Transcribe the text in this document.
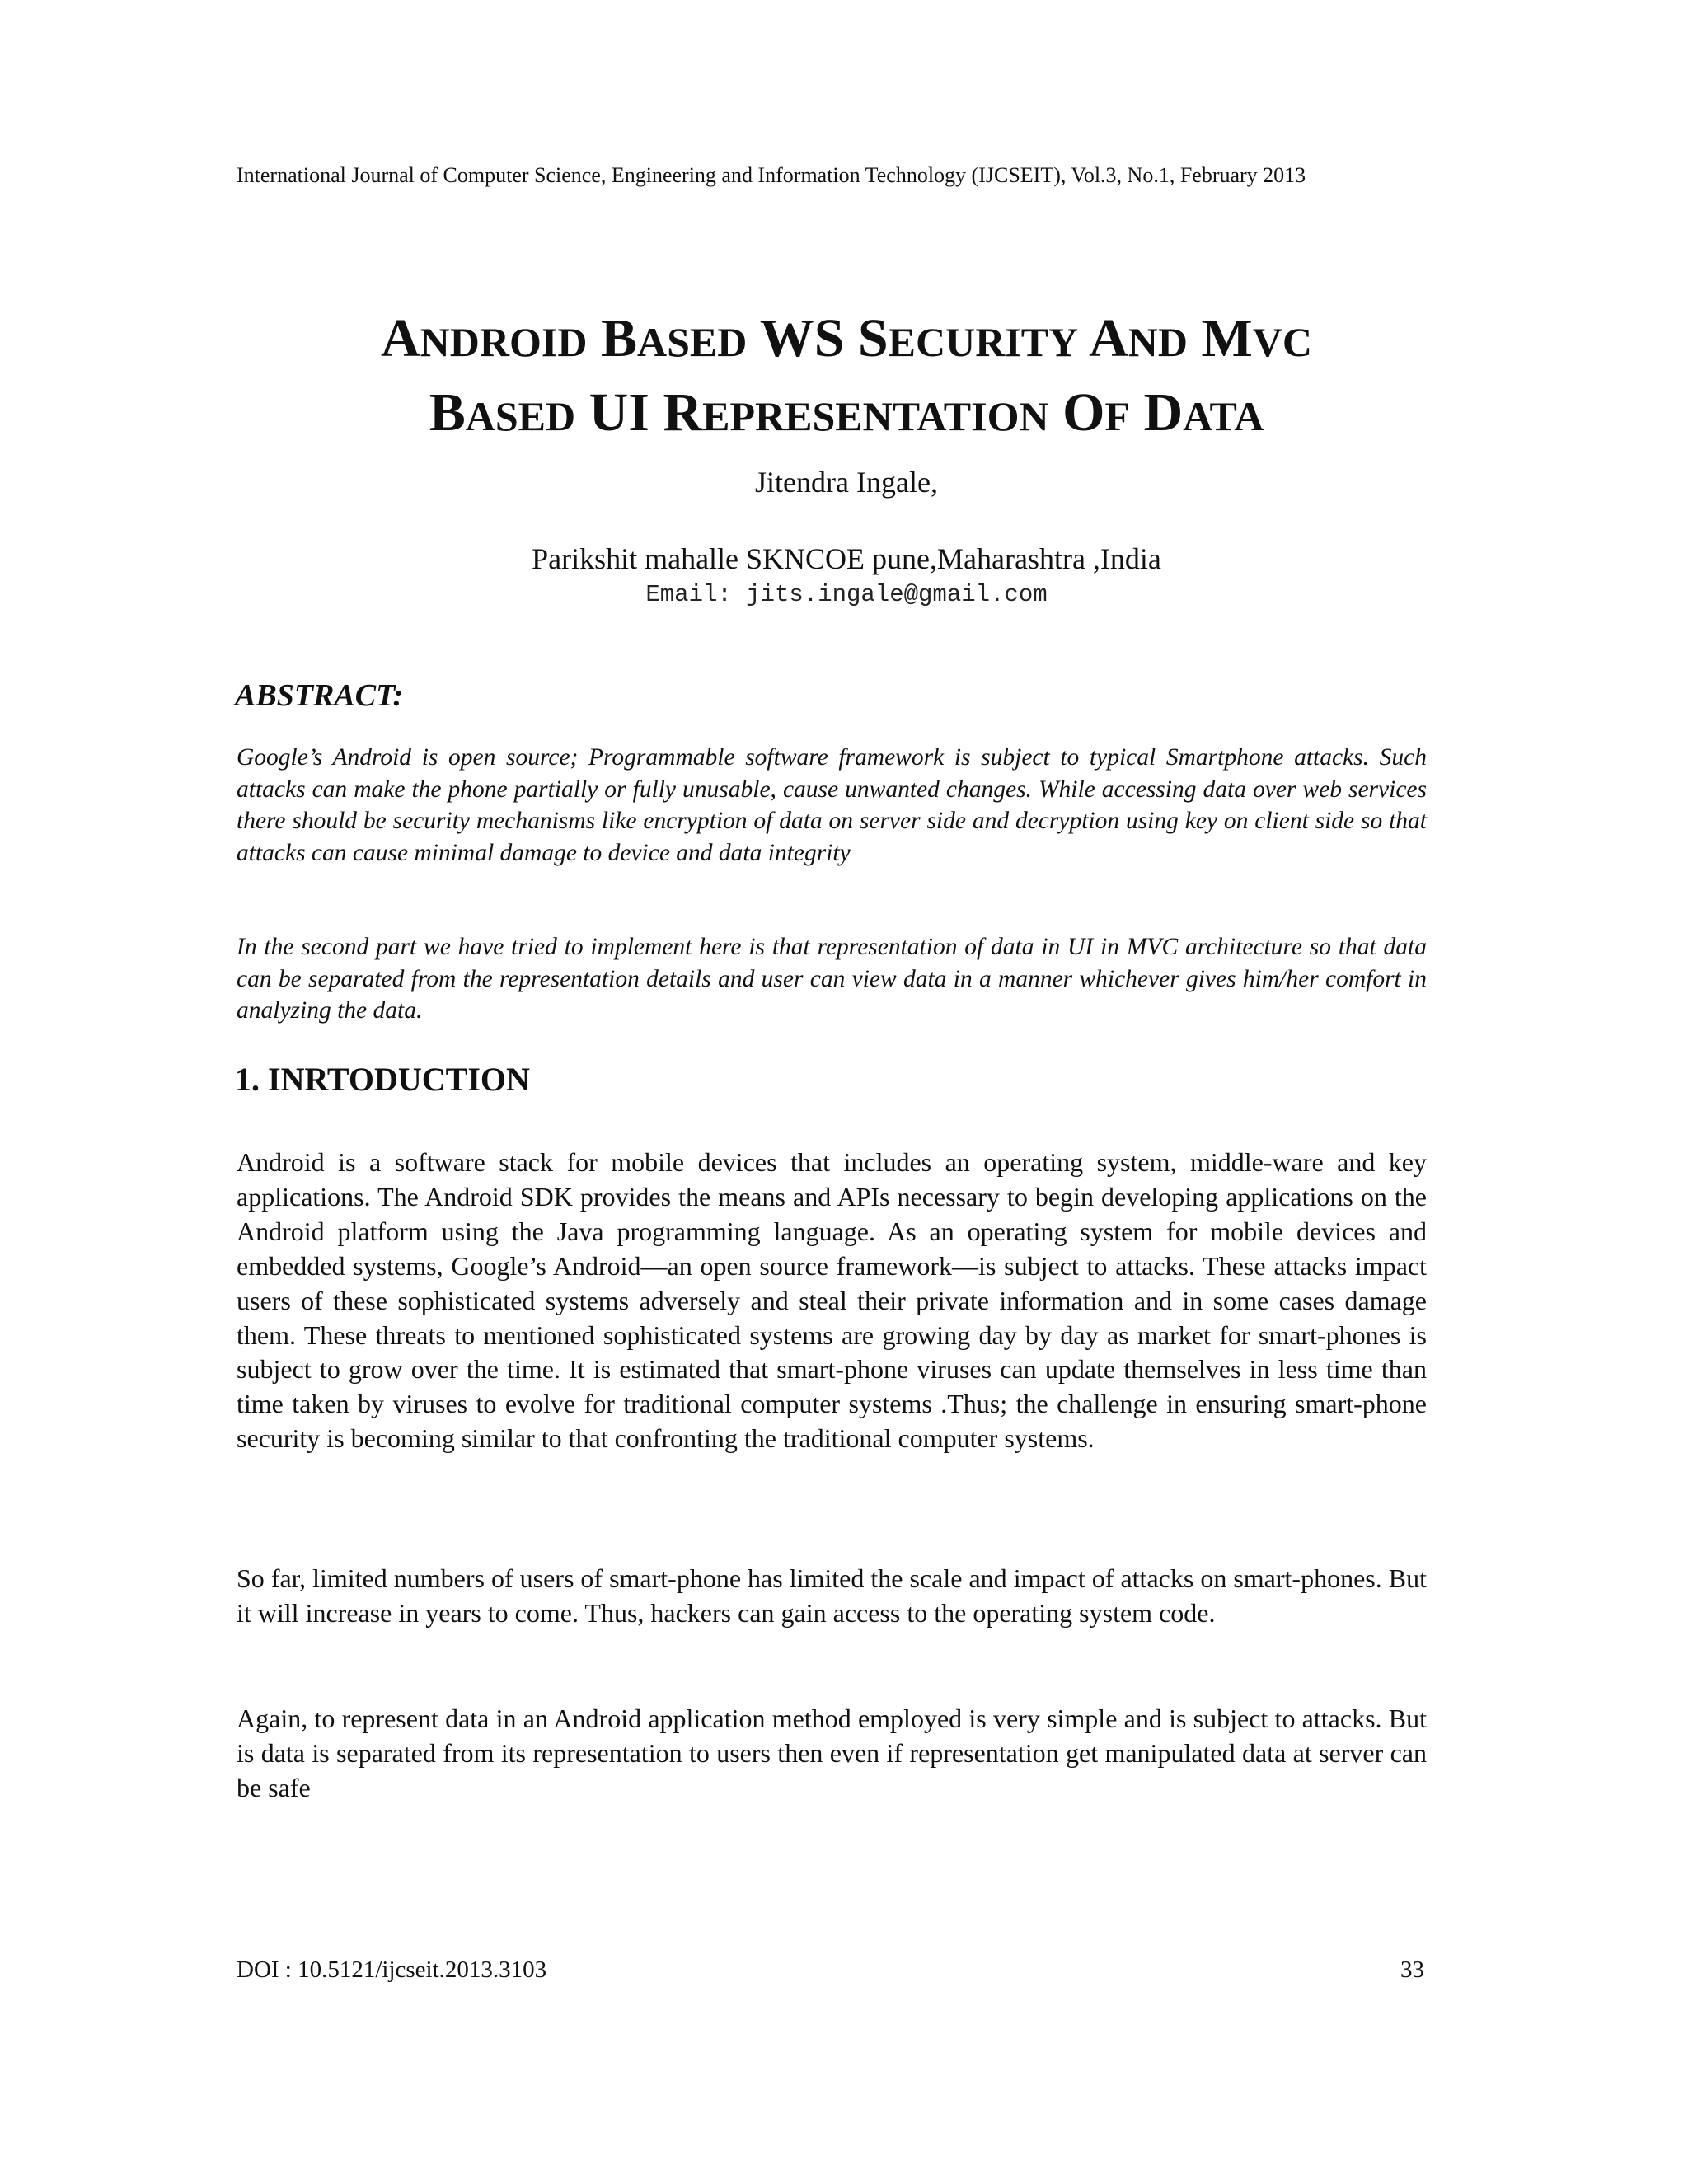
International Journal of Computer Science, Engineering and Information Technology (IJCSEIT), Vol.3, No.1, February 2013
ANDROID BASED WS SECURITY AND MVC
BASED UI REPRESENTATION OF DATA
Jitendra Ingale,
Parikshit mahalle SKNCOE pune,Maharashtra ,India
Email: jits.ingale@gmail.com
ABSTRACT:

Google’s Android is open source; Programmable software framework is subject to typical Smartphone attacks. Such attacks can make the phone partially or fully unusable, cause unwanted changes. While accessing data over web services there should be security mechanisms like encryption of data on server side and decryption using key on client side so that attacks can cause minimal damage to device and data integrity

In the second part we have tried to implement here is that representation of data in UI in MVC architecture so that data can be separated from the representation details and user can view data in a manner whichever gives him/her comfort in analyzing the data.

1. INRTODUCTION

Android is a software stack for mobile devices that includes an operating system, middle-ware and key applications. The Android SDK provides the means and APIs necessary to begin developing applications on the Android platform using the Java programming language. As an operating system for mobile devices and embedded systems, Google’s Android—an open source framework—is subject to attacks. These attacks impact users of these sophisticated systems adversely and steal their private information and in some cases damage them. These threats to mentioned sophisticated systems are growing day by day as market for smart-phones is subject to grow over the time. It is estimated that smart-phone viruses can update themselves in less time than time taken by viruses to evolve for traditional computer systems .Thus; the challenge in ensuring smart-phone security is becoming similar to that confronting the traditional computer systems.

So far, limited numbers of users of smart-phone has limited the scale and impact of attacks on smart-phones. But it will increase in years to come. Thus, hackers can gain access to the operating system code.

Again, to represent data in an Android application method employed is very simple and is subject to attacks. But is data is separated from its representation to users then even if representation get manipulated data at server can be safe

DOI : 10.5121/ijcseit.2013.3103	33
